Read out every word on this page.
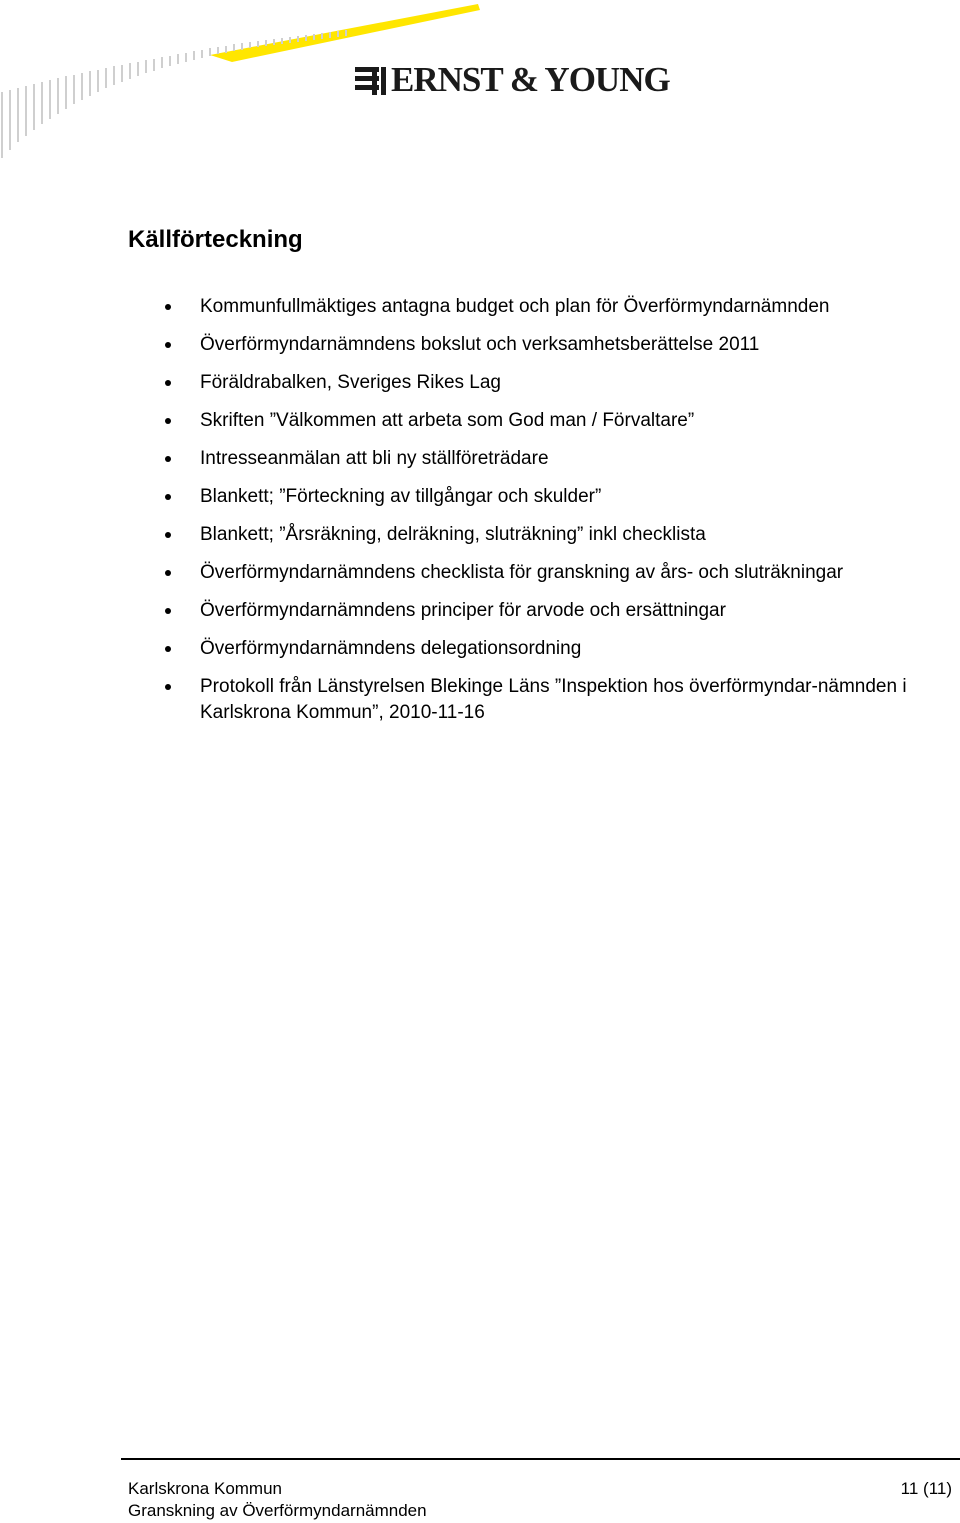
ERNST & YOUNG
Källförteckning
Kommunfullmäktiges antagna budget och plan för Överförmyndarnämnden
Överförmyndarnämndens bokslut och verksamhetsberättelse 2011
Föräldrabalken, Sveriges Rikes Lag
Skriften ”Välkommen att arbeta som God man / Förvaltare”
Intresseanmälan att bli ny ställföreträdare
Blankett; ”Förteckning av tillgångar och skulder”
Blankett; ”Årsräkning, delräkning, sluträkning” inkl checklista
Överförmyndarnämndens checklista för granskning av års- och sluträkningar
Överförmyndarnämndens principer för arvode och ersättningar
Överförmyndarnämndens delegationsordning
Protokoll från Länstyrelsen Blekinge Läns ”Inspektion hos överförmyndar-nämnden i Karlskrona Kommun”, 2010-11-16
Karlskrona Kommun
Granskning av Överförmyndarnämnden
11 (11)
